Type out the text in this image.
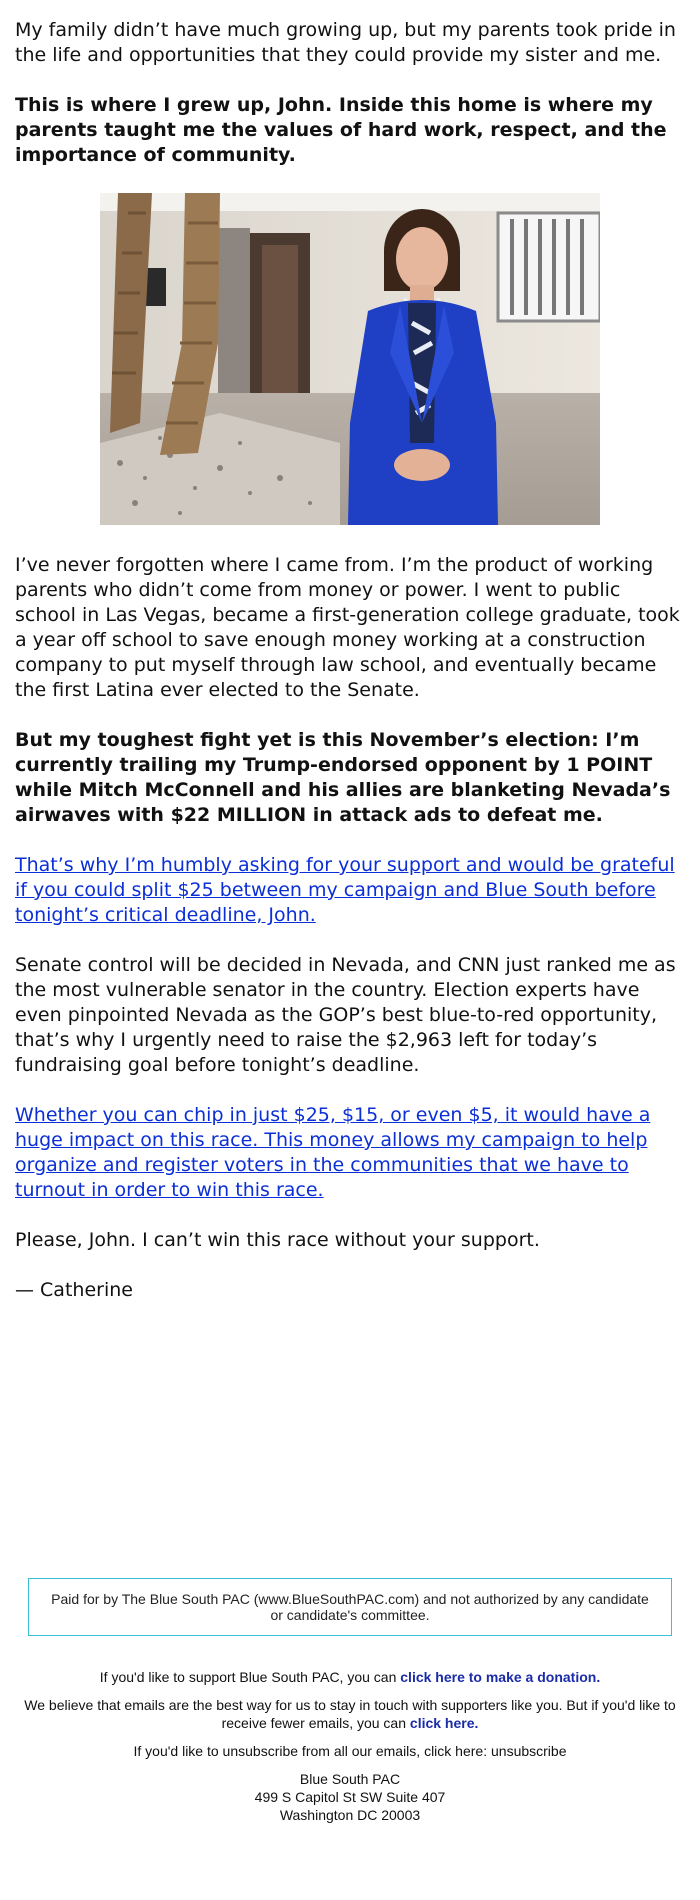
My family didn’t have much growing up, but my parents took pride in the life and opportunities that they could provide my sister and me.

This is where I grew up, John. Inside this home is where my parents taught me the values of hard work, respect, and the importance of community.

I’ve never forgotten where I came from. I’m the product of working parents who didn’t come from money or power. I went to public school in Las Vegas, became a first-generation college graduate, took a year off school to save enough money working at a construction company to put myself through law school, and eventually became the first Latina ever elected to the Senate.

But my toughest fight yet is this November’s election: I’m currently trailing my Trump-endorsed opponent by 1 POINT while Mitch McConnell and his allies are blanketing Nevada’s airwaves with $22 MILLION in attack ads to defeat me.

That’s why I’m humbly asking for your support and would be grateful if you could split $25 between my campaign and Blue South before tonight’s critical deadline, John.

Senate control will be decided in Nevada, and CNN just ranked me as the most vulnerable senator in the country. Election experts have even pinpointed Nevada as the GOP’s best blue-to-red opportunity, that’s why I urgently need to raise the $2,963 left for today’s fundraising goal before tonight’s deadline.

Whether you can chip in just $25, $15, or even $5, it would have a huge impact on this race. This money allows my campaign to help organize and register voters in the communities that we have to turnout in order to win this race.

Please, John. I can’t win this race without your support.

— Catherine

Paid for by The Blue South PAC (www.BlueSouthPAC.com) and not authorized by any candidate or candidate's committee.

If you'd like to support Blue South PAC, you can click here to make a donation.

We believe that emails are the best way for us to stay in touch with supporters like you. But if you'd like to receive fewer emails, you can click here.

If you'd like to unsubscribe from all our emails, click here: unsubscribe

Blue South PAC

499 S Capitol St SW Suite 407

Washington DC 20003
